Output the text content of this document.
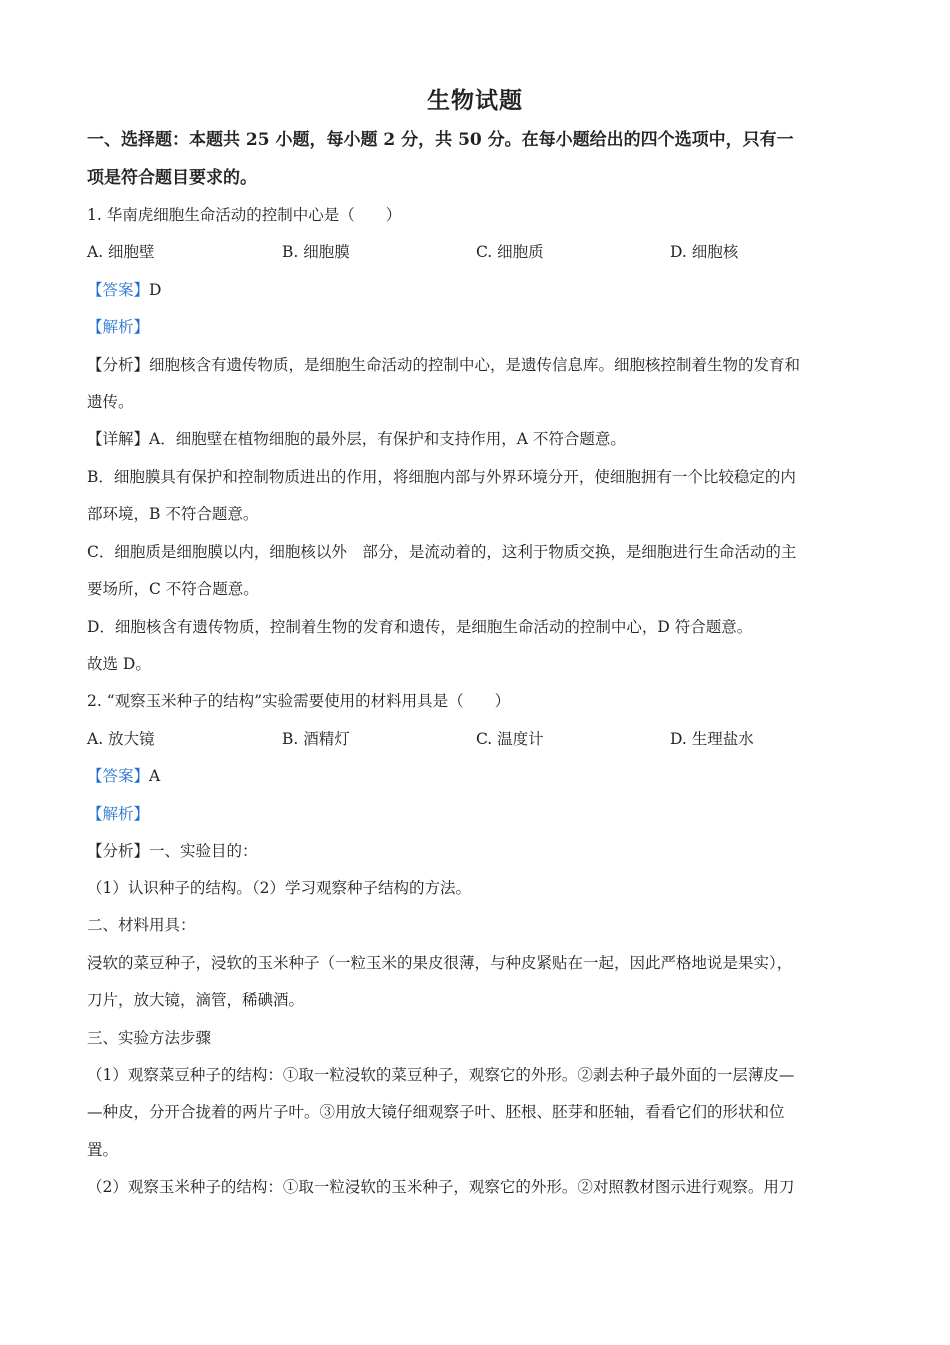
生物试题
一、选择题：本题共 25 小题，每小题 2 分，共 50 分。在每小题给出的四个选项中，只有一
项是符合题目要求的。
1. 华南虎细胞生命活动的控制中心是（　　）
A. 细胞壁	B. 细胞膜	C. 细胞质	D. 细胞核
【答案】D
【解析】
【分析】细胞核含有遗传物质，是细胞生命活动的控制中心，是遗传信息库。细胞核控制着生物的发育和
遗传。
【详解】A．细胞壁在植物细胞的最外层，有保护和支持作用，A 不符合题意。
B．细胞膜具有保护和控制物质进出的作用，将细胞内部与外界环境分开，使细胞拥有一个比较稳定的内
部环境，B 不符合题意。
C．细胞质是细胞膜以内，细胞核以外　部分，是流动着的，这利于物质交换，是细胞进行生命活动的主
要场所，C 不符合题意。
D．细胞核含有遗传物质，控制着生物的发育和遗传，是细胞生命活动的控制中心，D 符合题意。
故选 D。
2. “观察玉米种子的结构”实验需要使用的材料用具是（　　）
A. 放大镜	B. 酒精灯	C. 温度计	D. 生理盐水
【答案】A
【解析】
【分析】一、实验目的：
（1）认识种子的结构。（2）学习观察种子结构的方法。
二、材料用具：
浸软的菜豆种子，浸软的玉米种子（一粒玉米的果皮很薄，与种皮紧贴在一起，因此严格地说是果实），
刀片，放大镜，滴管，稀碘酒。
三、实验方法步骤
（1）观察菜豆种子的结构：①取一粒浸软的菜豆种子，观察它的外形。②剥去种子最外面的一层薄皮—
—种皮，分开合拢着的两片子叶。③用放大镜仔细观察子叶、胚根、胚芽和胚轴，看看它们的形状和位
置。
（2）观察玉米种子的结构：①取一粒浸软的玉米种子，观察它的外形。②对照教材图示进行观察。用刀
